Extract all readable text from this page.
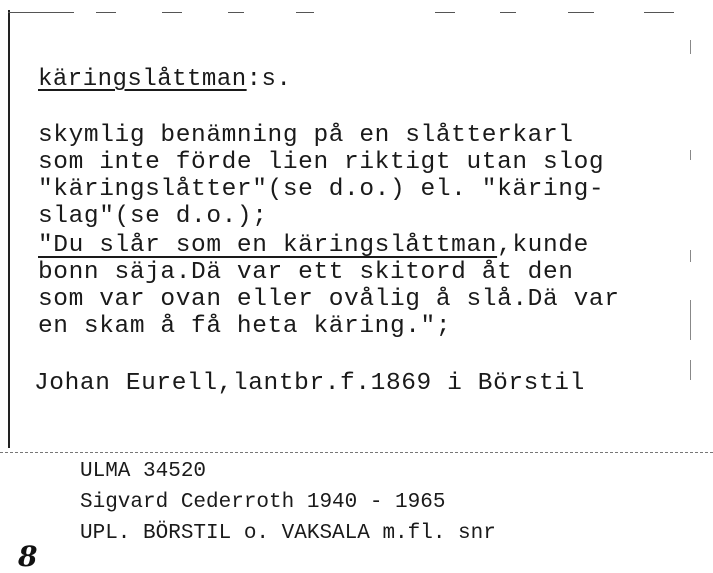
käringslåttman:s.
skymlig benämning på en slåtterkarl
som inte förde lien riktigt utan slog
"käringslåtter"(se d.o.) el. "käring-
slag"(se d.o.);
"Du slår som en käringslåttman,kunde
bonn säja.Dä var ett skitord åt den
som var ovan eller ovålig å slå.Dä var
en skam å få heta käring.";
Johan Eurell,lantbr.f.1869 i Börstil
ULMA 34520
Sigvard Cederroth 1940 - 1965
UPL. BÖRSTIL o. VAKSALA m.fl. snr
8
